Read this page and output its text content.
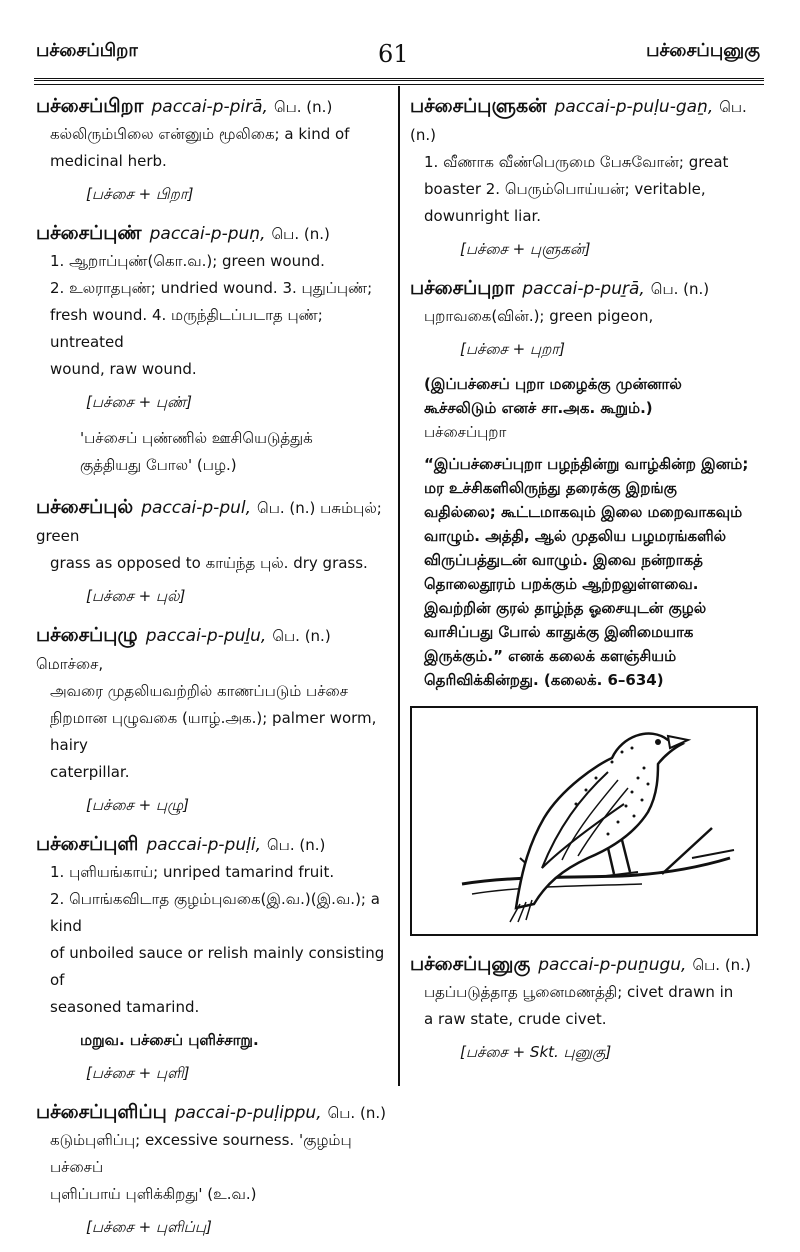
பச்சைப்பிறா	61	பச்சைப்புனுகு
பச்சைப்பிறா paccai-p-pirā, பெ. (n.)
கல்லிரும்பிலை என்னும் மூலிகை; a kind of
medicinal herb.
[பச்சை + பிறா]
பச்சைப்புண் paccai-p-puṇ, பெ. (n.)
1. ஆறாப்புண்(கொ.வ.); green wound.
2. உலராதபுண்; undried wound. 3. புதுப்புண்;
fresh wound. 4. மருந்திடப்படாத புண்; untreated
wound, raw wound.
[பச்சை + புண்]
'பச்சைப் புண்ணில் ஊசியெடுத்துக்
குத்தியது போல' (பழ.)
பச்சைப்புல் paccai-p-pul, பெ. (n.) பசும்புல்; green
grass as opposed to காய்ந்த புல். dry grass.
[பச்சை + புல்]
பச்சைப்புழு paccai-p-puḻu, பெ. (n.) மொச்சை,
அவரை முதலியவற்றில் காணப்படும் பச்சை
நிறமான புழுவகை (யாழ்.அக.); palmer worm, hairy
caterpillar.
[பச்சை + புழு]
பச்சைப்புளி paccai-p-puḷi, பெ. (n.)
1. புளியங்காய்; unriped tamarind fruit.
2. பொங்கவிடாத குழம்புவகை(இ.வ.)(இ.வ.); a kind
of unboiled sauce or relish mainly consisting of
seasoned tamarind.
மறுவ. பச்சைப் புளிச்சாறு.
[பச்சை + புளி]
பச்சைப்புளிப்பு paccai-p-puḷippu, பெ. (n.)
கடும்புளிப்பு; excessive sourness. 'குழம்பு பச்சைப்
புளிப்பாய் புளிக்கிறது' (உ.வ.)
[பச்சை + புளிப்பு]
பச்சைப்புளுகன் paccai-p-puḷu-gaṉ, பெ. (n.)
1. வீணாக வீண்பெருமை பேசுவோன்; great
boaster 2. பெரும்பொய்யன்; veritable,
dowunright liar.
[பச்சை + புளுகன்]
பச்சைப்புறா paccai-p-puṟā, பெ. (n.)
புறாவகை(வின்.); green pigeon,
[பச்சை + புறா]
(இப்பச்சைப் புறா மழைக்கு முன்னால்
கூச்சலிடும் எனச் சா.அக. கூறும்.)
பச்சைப்புறா
“இப்பச்சைப்புறா பழந்தின்று வாழ்கின்ற இனம்;
மர உச்சிகளிலிருந்து தரைக்கு இறங்கு
வதில்லை; கூட்டமாகவும் இலை மறைவாகவும்
வாழும். அத்தி, ஆல் முதலிய பழமரங்களில்
விருப்பத்துடன் வாழும். இவை நன்றாகத்
தொலைதூரம் பறக்கும் ஆற்றலுள்ளவை.
இவற்றின் குரல் தாழ்ந்த ஓசையுடன் குழல்
வாசிப்பது போல் காதுக்கு இனிமையாக
இருக்கும்.” எனக் கலைக் களஞ்சியம்
தெரிவிக்கின்றது. (கலைக். 6–634)
பச்சைப்புனுகு paccai-p-puṉugu, பெ. (n.)
பதப்படுத்தாத பூனைமணத்தி; civet drawn in
a raw state, crude civet.
[பச்சை + Skt. புனுகு]
